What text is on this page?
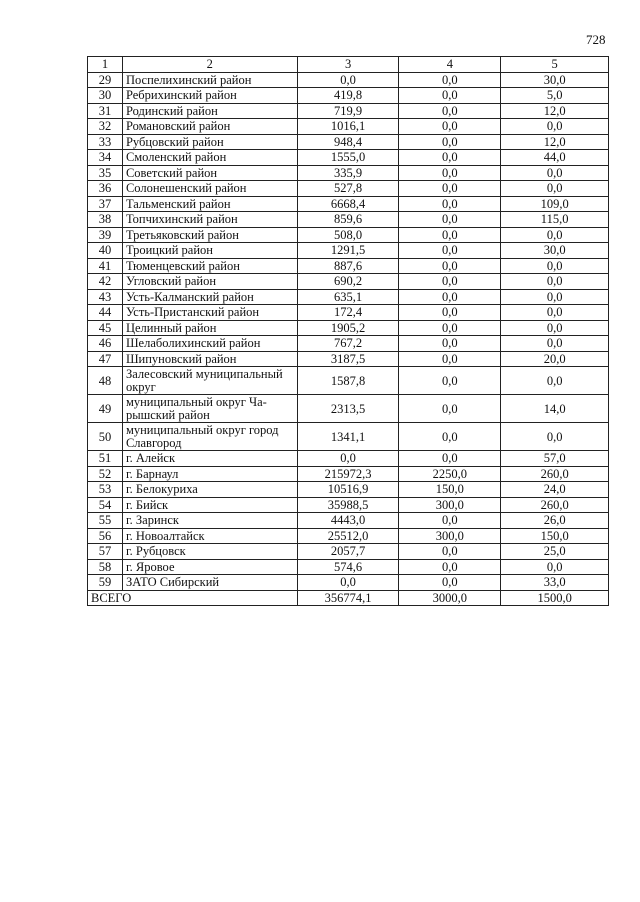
728
1	2	3	4	5
29	Поспелихинский район	0,0	0,0	30,0
30	Ребрихинский район	419,8	0,0	5,0
31	Родинский район	719,9	0,0	12,0
32	Романовский район	1016,1	0,0	0,0
33	Рубцовский район	948,4	0,0	12,0
34	Смоленский район	1555,0	0,0	44,0
35	Советский район	335,9	0,0	0,0
36	Солонешенский район	527,8	0,0	0,0
37	Тальменский район	6668,4	0,0	109,0
38	Топчихинский район	859,6	0,0	115,0
39	Третьяковский район	508,0	0,0	0,0
40	Троицкий район	1291,5	0,0	30,0
41	Тюменцевский район	887,6	0,0	0,0
42	Угловский район	690,2	0,0	0,0
43	Усть-Калманский район	635,1	0,0	0,0
44	Усть-Пристанский район	172,4	0,0	0,0
45	Целинный район	1905,2	0,0	0,0
46	Шелаболихинский район	767,2	0,0	0,0
47	Шипуновский район	3187,5	0,0	20,0
48	Залесовский муниципальный округ	1587,8	0,0	0,0
49	муниципальный округ Ча-рышский район	2313,5	0,0	14,0
50	муниципальный округ город Славгород	1341,1	0,0	0,0
51	г. Алейск	0,0	0,0	57,0
52	г. Барнаул	215972,3	2250,0	260,0
53	г. Белокуриха	10516,9	150,0	24,0
54	г. Бийск	35988,5	300,0	260,0
55	г. Заринск	4443,0	0,0	26,0
56	г. Новоалтайск	25512,0	300,0	150,0
57	г. Рубцовск	2057,7	0,0	25,0
58	г. Яровое	574,6	0,0	0,0
59	ЗАТО Сибирский	0,0	0,0	33,0
ВСЕГО		356774,1	3000,0	1500,0
